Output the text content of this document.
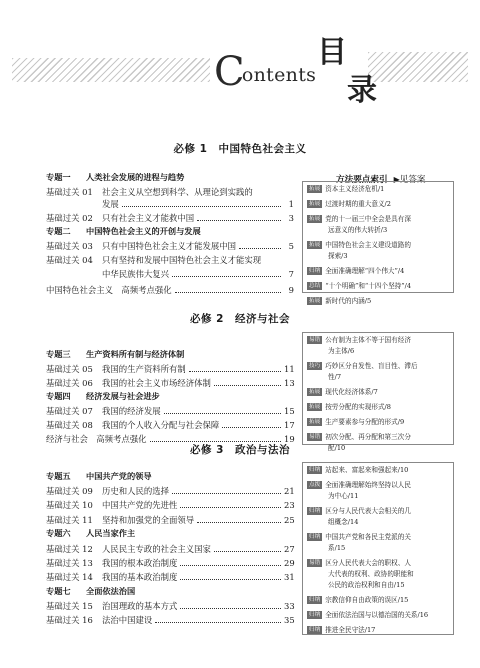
Contents
目
录
必修 1　中国特色社会主义
必修 2　经济与社会
必修 3　政治与法治
方法要点索引 ▶见答案
专题一	人类社会发展的进程与趋势
基础过关 01	社会主义从空想到科学、从理论到实践的
发展	1
基础过关 02	只有社会主义才能救中国	3
专题二	中国特色社会主义的开创与发展
基础过关 03	只有中国特色社会主义才能发展中国	5
基础过关 04	只有坚持和发展中国特色社会主义才能实现
中华民族伟大复兴	7
中国特色社会主义　高频考点强化	9
专题三	生产资料所有制与经济体制
基础过关 05	我国的生产资料所有制	11
基础过关 06	我国的社会主义市场经济体制	13
专题四	经济发展与社会进步
基础过关 07	我国的经济发展	15
基础过关 08	我国的个人收入分配与社会保障	17
经济与社会　高频考点强化	19
专题五	中国共产党的领导
基础过关 09	历史和人民的选择	21
基础过关 10	中国共产党的先进性	23
基础过关 11	坚持和加强党的全面领导	25
专题六	人民当家作主
基础过关 12	人民民主专政的社会主义国家	27
基础过关 13	我国的根本政治制度	29
基础过关 14	我国的基本政治制度	31
专题七	全面依法治国
基础过关 15	治国理政的基本方式	33
基础过关 16	法治中国建设	35
拓展 资本主义经济危机/1
拓展 过渡时期的重大意义/2
拓展 党的十一届三中全会是具有深
远意义的伟大转折/3
拓展 中国特色社会主义建设道路的
探索/3
归纳 全面准确理解“四个伟大”/4
总结 “十个明确”和“十四个坚持”/4
拓展 新时代的内涵/5
易错 公有制为主体不等于国有经济
为主体/6
技巧 巧妙区分自发性、盲目性、滞后
性/7
拓展 现代化经济体系/7
拓展 按劳分配的实现形式/8
拓展 生产要素参与分配的形式/9
易错 初次分配、再分配和第三次分
配/10
归纳 站起来、富起来和强起来/10
点拨 全面准确理解始终坚持以人民
为中心/11
归纳 区分与人民代表大会相关的几
组概念/14
归纳 中国共产党和各民主党派的关
系/15
易错 区分人民代表大会的职权、人
大代表的权利、政协的职能和
公民的政治权利和自由/15
归纳 宗教信仰自由政策的误区/15
归纳 全面依法治国与以德治国的关系/16
归纳 推进全民守法/17
